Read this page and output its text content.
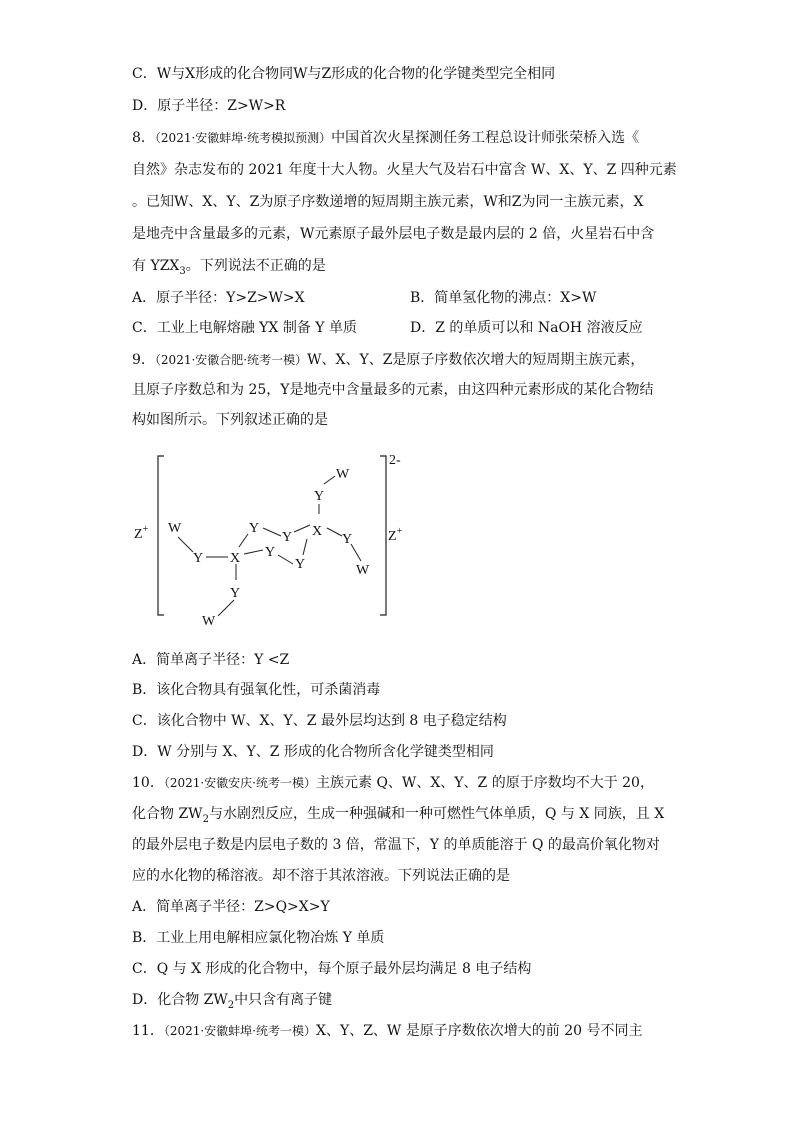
C．W与X形成的化合物同W与Z形成的化合物的化学键类型完全相同
D．原子半径：Z>W>R
8．（2021·安徽蚌埠·统考模拟预测）中国首次火星探测任务工程总设计师张荣桥入选《
自然》杂志发布的 2021 年度十大人物。火星大气及岩石中富含 W、X、Y、Z 四种元素
。已知W、X、Y、Z为原子序数递增的短周期主族元素，W和Z为同一主族元素，X
是地壳中含量最多的元素，W元素原子最外层电子数是最内层的 2 倍，火星岩石中含
有 $YZX_3$。下列说法不正确的是
A．原子半径：Y>Z>W>X	B．简单氢化物的沸点：X>W
C．工业上电解熔融 YX 制备 Y 单质	D．Z 的单质可以和 NaOH 溶液反应
9．（2021·安徽合肥·统考一模）W、X、Y、Z是原子序数依次增大的短周期主族元素，
且原子序数总和为 25，Y是地壳中含量最多的元素，由这四种元素形成的某化合物结
构如图所示。下列叙述正确的是
2-
Z+	Z+
W
Y X
Y
Y
Y
Y
X
Y
W
Y
W
Y
W
A．简单离子半径：Y <Z
B．该化合物具有强氧化性，可杀菌消毒
C．该化合物中 W、X、Y、Z 最外层均达到 8 电子稳定结构
D．W 分别与 X、Y、Z 形成的化合物所含化学键类型相同
10．（2021·安徽安庆·统考一模）主族元素 Q、W、X、Y、Z 的原于序数均不大于 20，
化合物 $ZW_2$与水剧烈反应，生成一种强碱和一种可燃性气体单质，Q 与 X 同族，且 X
的最外层电子数是内层电子数的 3 倍，常温下，Y 的单质能溶于 Q 的最高价氧化物对
应的水化物的稀溶液。却不溶于其浓溶液。下列说法正确的是
A．简单离子半径：Z>Q>X>Y
B．工业上用电解相应氯化物冶炼 Y 单质
C．Q 与 X 形成的化合物中，每个原子最外层均满足 8 电子结构
D．化合物 $ZW_2$中只含有离子键
11．（2021·安徽蚌埠·统考一模）X、Y、Z、W 是原子序数依次增大的前 20 号不同主
